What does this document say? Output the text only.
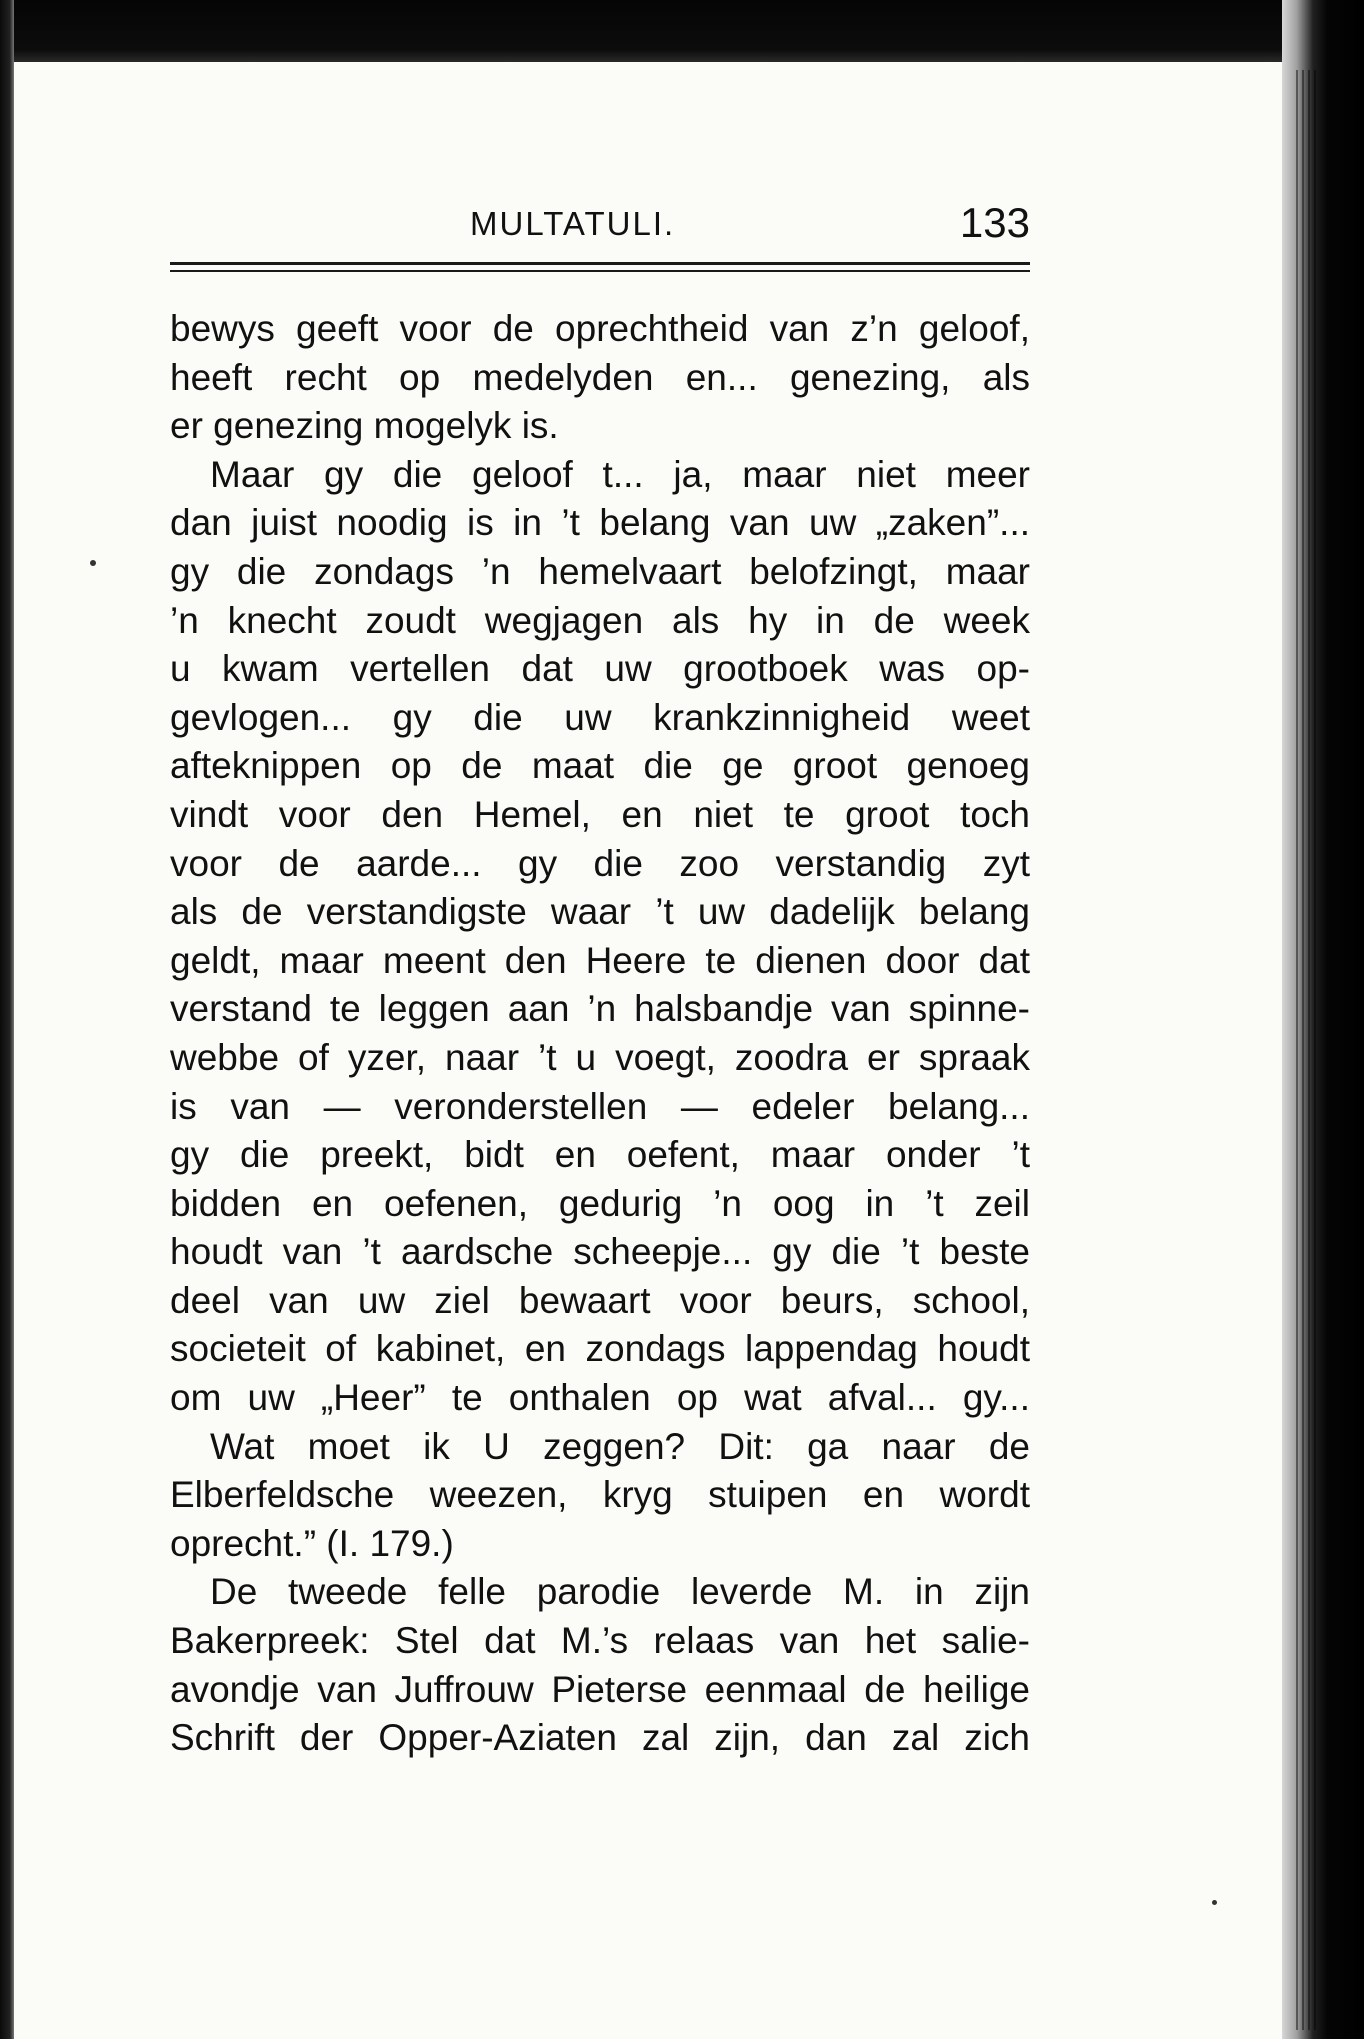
MULTATULI.	133
bewys geeft voor de oprechtheid van z’n geloof,
heeft recht op medelyden en... genezing, als
er genezing mogelyk is.
Maar gy die geloof t... ja, maar niet meer
dan juist noodig is in ’t belang van uw „zaken”...
gy die zondags ’n hemelvaart belofzingt, maar
’n knecht zoudt wegjagen als hy in de week
u kwam vertellen dat uw grootboek was op-
gevlogen... gy die uw krankzinnigheid weet
afteknippen op de maat die ge groot genoeg
vindt voor den Hemel, en niet te groot toch
voor de aarde... gy die zoo verstandig zyt
als de verstandigste waar ’t uw dadelijk belang
geldt, maar meent den Heere te dienen door dat
verstand te leggen aan ’n halsbandje van spinne-
webbe of yzer, naar ’t u voegt, zoodra er spraak
is van — veronderstellen — edeler belang...
gy die preekt, bidt en oefent, maar onder ’t
bidden en oefenen, gedurig ’n oog in ’t zeil
houdt van ’t aardsche scheepje... gy die ’t beste
deel van uw ziel bewaart voor beurs, school,
societeit of kabinet, en zondags lappendag houdt
om uw „Heer” te onthalen op wat afval... gy...
Wat moet ik U zeggen? Dit: ga naar de
Elberfeldsche weezen, kryg stuipen en wordt
oprecht.” (I. 179.)
De tweede felle parodie leverde M. in zijn
Bakerpreek: Stel dat M.’s relaas van het salie-
avondje van Juffrouw Pieterse eenmaal de heilige
Schrift der Opper-Aziaten zal zijn, dan zal zich
